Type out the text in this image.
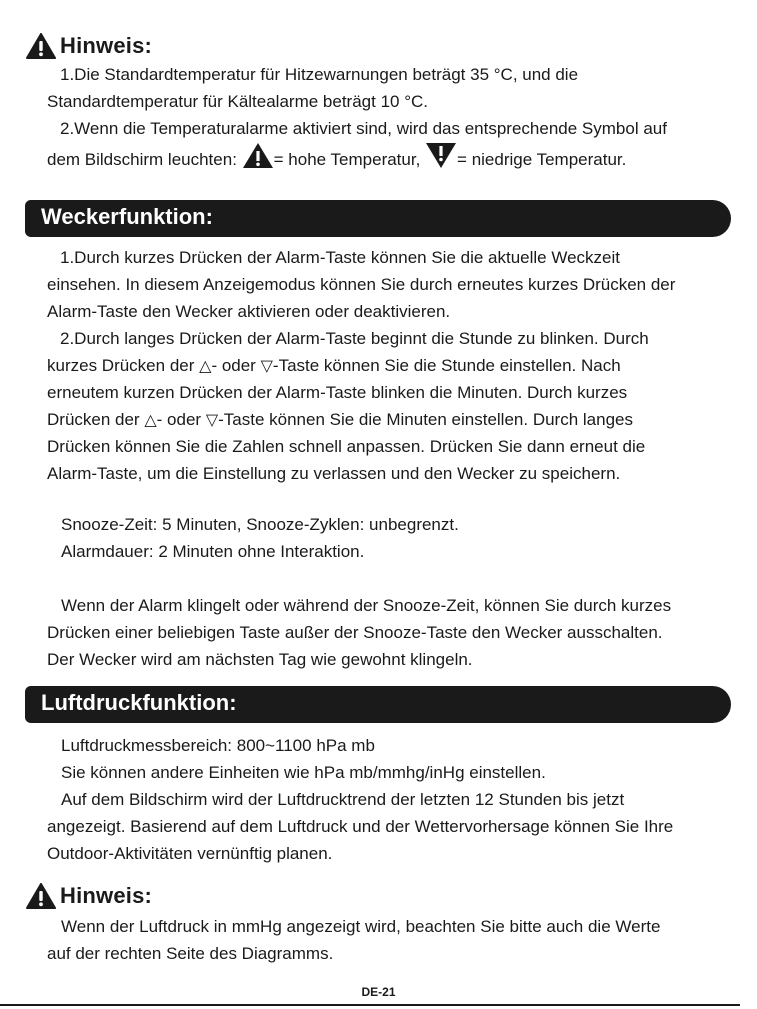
Hinweis:

1.Die Standardtemperatur für Hitzewarnungen beträgt 35 °C, und die
Standardtemperatur für Kältealarme beträgt 10 °C.
2.Wenn die Temperaturalarme aktiviert sind, wird das entsprechende Symbol auf
dem Bildschirm leuchten: = hohe Temperatur, = niedrige Temperatur.

Weckerfunktion:

1.Durch kurzes Drücken der Alarm-Taste können Sie die aktuelle Weckzeit
einsehen. In diesem Anzeigemodus können Sie durch erneutes kurzes Drücken der
Alarm-Taste den Wecker aktivieren oder deaktivieren.

2.Durch langes Drücken der Alarm-Taste beginnt die Stunde zu blinken. Durch
kurzes Drücken der △- oder ▽-Taste können Sie die Stunde einstellen. Nach
erneutem kurzen Drücken der Alarm-Taste blinken die Minuten. Durch kurzes
Drücken der △- oder ▽-Taste können Sie die Minuten einstellen. Durch langes
Drücken können Sie die Zahlen schnell anpassen. Drücken Sie dann erneut die
Alarm-Taste, um die Einstellung zu verlassen und den Wecker zu speichern.

Snooze-Zeit: 5 Minuten, Snooze-Zyklen: unbegrenzt.
Alarmdauer: 2 Minuten ohne Interaktion.

Wenn der Alarm klingelt oder während der Snooze-Zeit, können Sie durch kurzes
Drücken einer beliebigen Taste außer der Snooze-Taste den Wecker ausschalten.
Der Wecker wird am nächsten Tag wie gewohnt klingeln.

Luftdruckfunktion:

Luftdruckmessbereich: 800~1100 hPa mb
Sie können andere Einheiten wie hPa mb/mmhg/inHg einstellen.
Auf dem Bildschirm wird der Luftdrucktrend der letzten 12 Stunden bis jetzt
angezeigt. Basierend auf dem Luftdruck und der Wettervorhersage können Sie Ihre
Outdoor-Aktivitäten vernünftig planen.

Hinweis:

Wenn der Luftdruck in mmHg angezeigt wird, beachten Sie bitte auch die Werte
auf der rechten Seite des Diagramms.

DE-21
